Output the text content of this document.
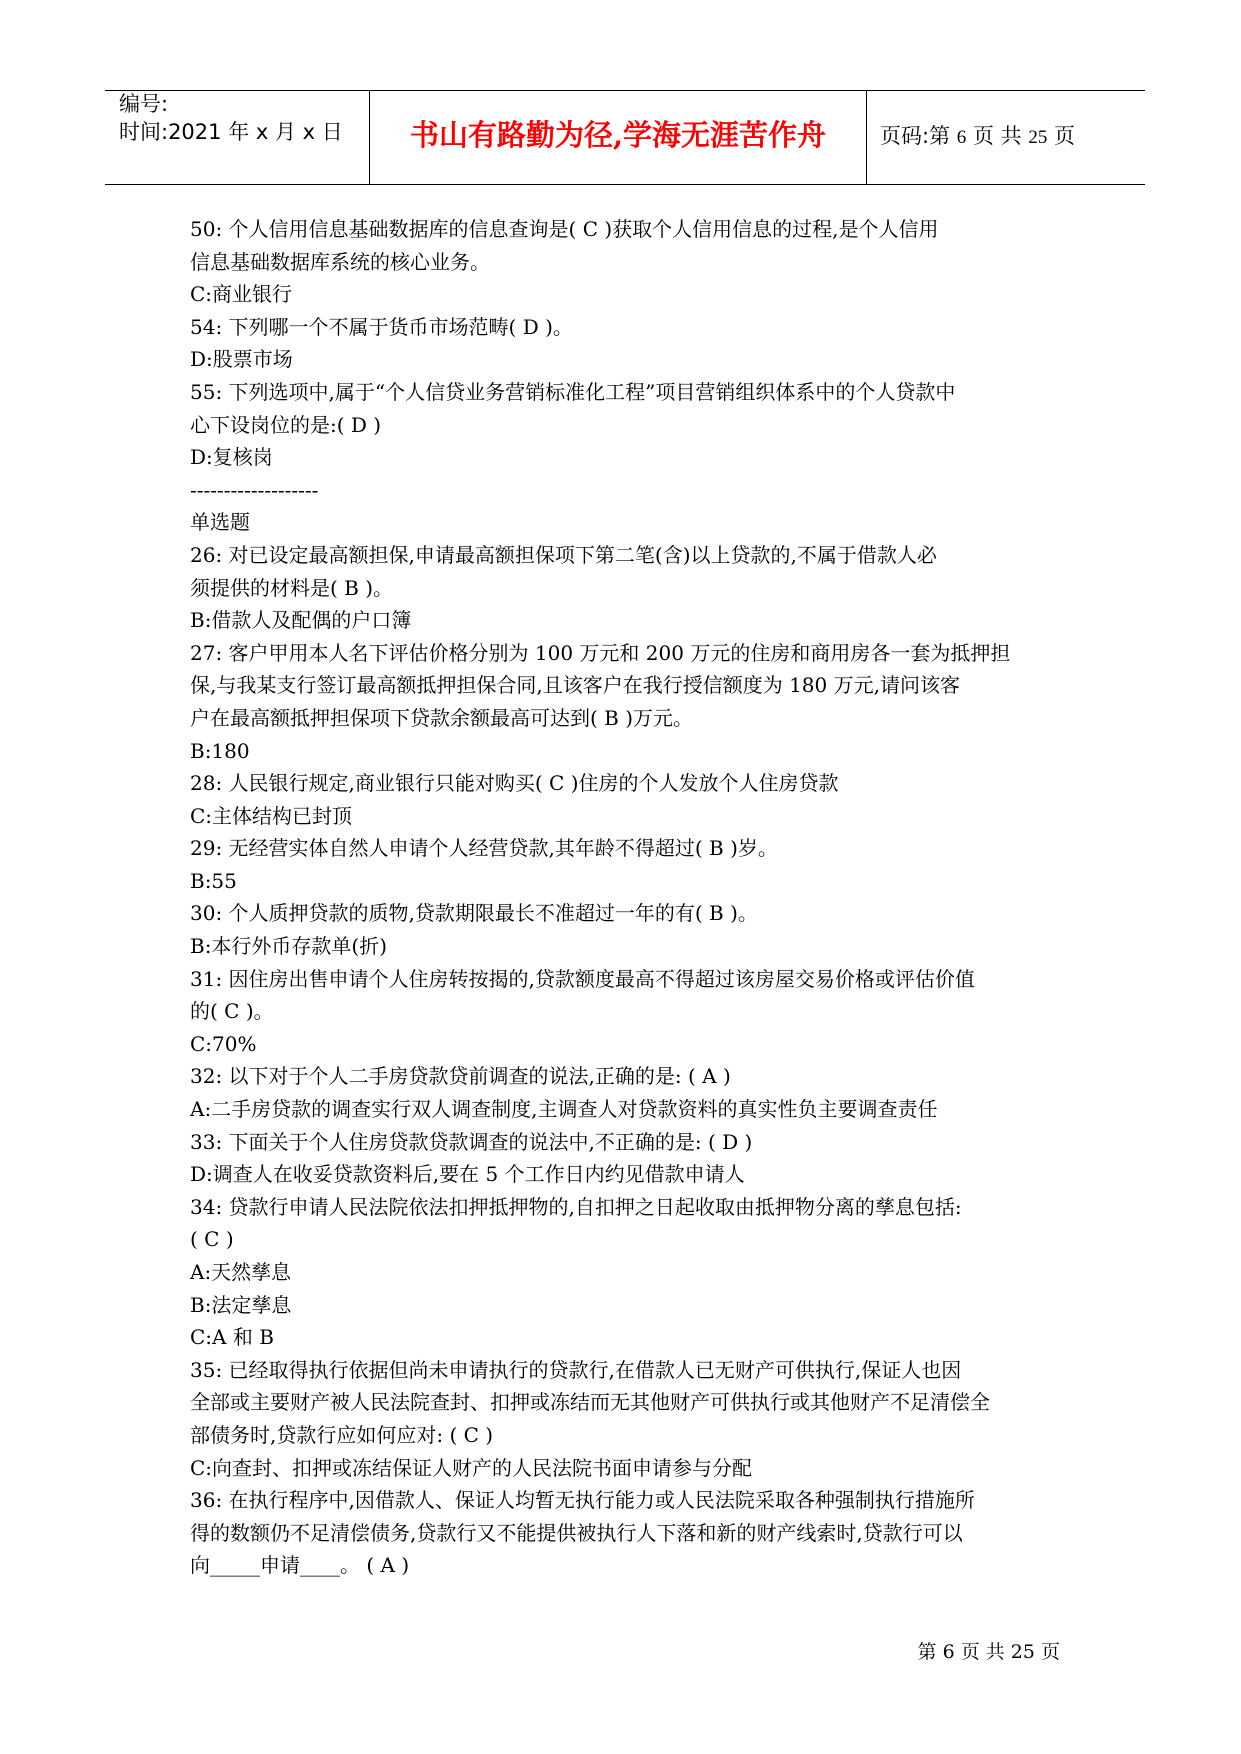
编号:
时间:2021 年 x 月 x 日	书山有路勤为径,学海无涯苦作舟	页码:第 6 页 共 25 页
50: 个人信用信息基础数据库的信息查询是( C )获取个人信用信息的过程,是个人信用
信息基础数据库系统的核心业务。
C:商业银行
54: 下列哪一个不属于货币市场范畴( D )。
D:股票市场
55: 下列选项中,属于“个人信贷业务营销标准化工程”项目营销组织体系中的个人贷款中
心下设岗位的是:( D )
D:复核岗
-------------------
单选题
26: 对已设定最高额担保,申请最高额担保项下第二笔(含)以上贷款的,不属于借款人必
须提供的材料是( B )。
B:借款人及配偶的户口簿
27: 客户甲用本人名下评估价格分别为 100 万元和 200 万元的住房和商用房各一套为抵押担
保,与我某支行签订最高额抵押担保合同,且该客户在我行授信额度为 180 万元,请问该客
户在最高额抵押担保项下贷款余额最高可达到( B )万元。
B:180
28: 人民银行规定,商业银行只能对购买( C )住房的个人发放个人住房贷款
C:主体结构已封顶
29: 无经营实体自然人申请个人经营贷款,其年龄不得超过( B )岁。
B:55
30: 个人质押贷款的质物,贷款期限最长不准超过一年的有( B )。
B:本行外币存款单(折)
31: 因住房出售申请个人住房转按揭的,贷款额度最高不得超过该房屋交易价格或评估价值
的( C )。
C:70%
32: 以下对于个人二手房贷款贷前调查的说法,正确的是: ( A )
A:二手房贷款的调查实行双人调查制度,主调查人对贷款资料的真实性负主要调查责任
33: 下面关于个人住房贷款贷款调查的说法中,不正确的是: ( D )
D:调查人在收妥贷款资料后,要在 5 个工作日内约见借款申请人
34: 贷款行申请人民法院依法扣押抵押物的,自扣押之日起收取由抵押物分离的孳息包括:
( C )
A:天然孳息
B:法定孳息
C:A 和 B
35: 已经取得执行依据但尚未申请执行的贷款行,在借款人已无财产可供执行,保证人也因
全部或主要财产被人民法院查封、扣押或冻结而无其他财产可供执行或其他财产不足清偿全
部债务时,贷款行应如何应对: ( C )
C:向查封、扣押或冻结保证人财产的人民法院书面申请参与分配
36: 在执行程序中,因借款人、保证人均暂无执行能力或人民法院采取各种强制执行措施所
得的数额仍不足清偿债务,贷款行又不能提供被执行人下落和新的财产线索时,贷款行可以
向_____申请____。 ( A )
第 6 页 共 25 页
